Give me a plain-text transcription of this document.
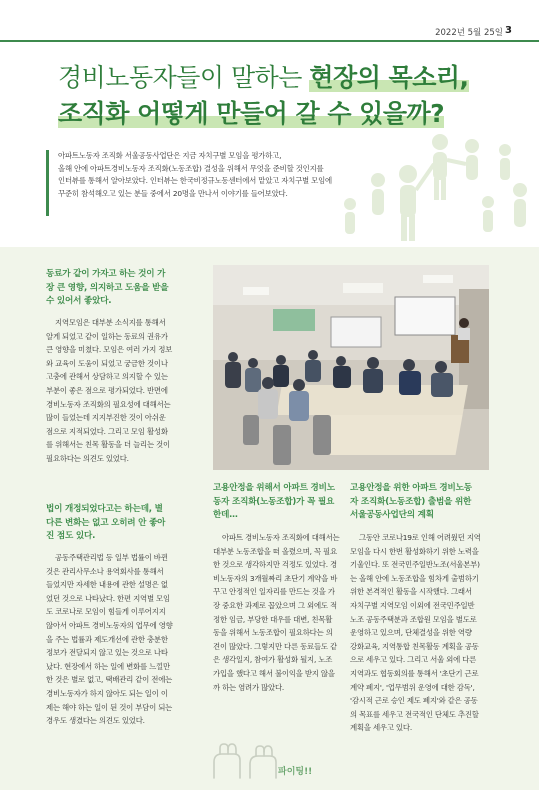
2022년 5월 25일 3
경비노동자들이 말하는 현장의 목소리,
조직화 어떻게 만들어 갈 수 있을까?
아파트노동자 조직화 서울공동사업단은 지금 자치구별 모임을 평가하고,
올해 안에 아파트경비노동자 조직화(노동조합) 결성을 위해서 무엇을 준비할 것인지를
인터뷰를 통해서 알아보았다. 인터뷰는 한국비정규노동센터에서 맡았고 자치구별 모임에
꾸준히 참석해오고 있는 분들 중에서 20명을 만나서 이야기를 들어보았다.
동료가 같이 가자고 하는 것이 가
장 큰 영향, 의지하고 도움을 받을
수 있어서 좋았다.
지역모임은 대부분 소식지를 통해서
알게 되었고 같이 일하는 동료의 권유가
큰 영향을 미쳤다. 모임은 여러 가지 정보
와 교육이 도움이 되었고 궁금한 것이나
고충에 관해서 상담하고 의지할 수 있는
부분이 좋은 점으로 평가되었다. 반면에
경비노동자 조직화의 필요성에 대해서는
많이 들었는데 지지부진한 것이 아쉬운
점으로 지적되었다. 그리고 모임 활성화
를 위해서는 친목 활동을 더 늘리는 것이
필요하다는 의견도 있었다.
법이 개정되었다고는 하는데, 별
다른 변화는 없고 오히려 안 좋아
진 점도 있다.
공동주택관리법 등 일부 법률이 바뀐
것은 관리사무소나 용역회사를 통해서
들었지만 자세한 내용에 관한 설명은 없
었던 것으로 나타났다. 한편 지역별 모임
도 코로나로 모임이 힘들게 이루어지지
않아서 아파트 경비노동자의 업무에 영향
을 주는 법률과 제도개선에 관한 충분한
정보가 전달되지 않고 있는 것으로 나타
났다. 현장에서 하는 일에 변화를 느낄만
한 것은 별로 없고, 택배관리 같이 전에는
경비노동자가 하지 않아도 되는 일이 이
제는 해야 하는 일이 된 것이 부담이 되는
경우도 생겼다는 의견도 있었다.
고용안정을 위해서 아파트 경비노
동자 조직화(노동조합)가 꼭 필요
한데…
아파트 경비노동자 조직화에 대해서는
대부분 노동조합을 떠 올렸으며, 꼭 필요
한 것으로 생각하지만 걱정도 있었다. 경
비노동자의 3개월짜리 초단기 계약을 바
꾸고 안정적인 일자리를 만드는 것을 가
장 중요한 과제로 꼽았으며 그 외에도 적
정한 임금, 부당한 대우를 대변, 친목활
동을 위해서 노동조합이 필요하다는 의
견이 많았다. 그렇지만 다른 동료들도 같
은 생각일지, 참여가 활성화 될지, 노조
가입을 했다고 해서 불이익을 받지 않을
까 하는 염려가 많았다.
고용안정을 위한 아파트 경비노동
자 조직화(노동조합) 출범을 위한
서울공동사업단의 계획
그동안 코로나19로 인해 어려웠던 지역
모임을 다시 한번 활성화하기 위한 노력을
기울인다. 또 전국민주일반노조(서울본부)
는 올해 안에 노동조합을 힘차게 출범하기
위한 본격적인 활동을 시작했다. 그래서
자치구별 지역모임 이외에 전국민주일반
노조 공동주택분과 조합원 모임을 별도로
운영하고 있으며, 단체결성을 위한 역량
강화교육, 지역통합 친목활동 계획을 공동
으로 세우고 있다. 그리고 서울 외에 다른
지역과도 협동회의를 통해서 '초단기 근로
계약 폐지', '업무범위 운영에 대한 감독',
'감시적 근로 승인 제도 폐지'와 같은 공동
의 목표를 세우고 전국적인 단체도 추진할
계획을 세우고 있다.
파이팅!!
